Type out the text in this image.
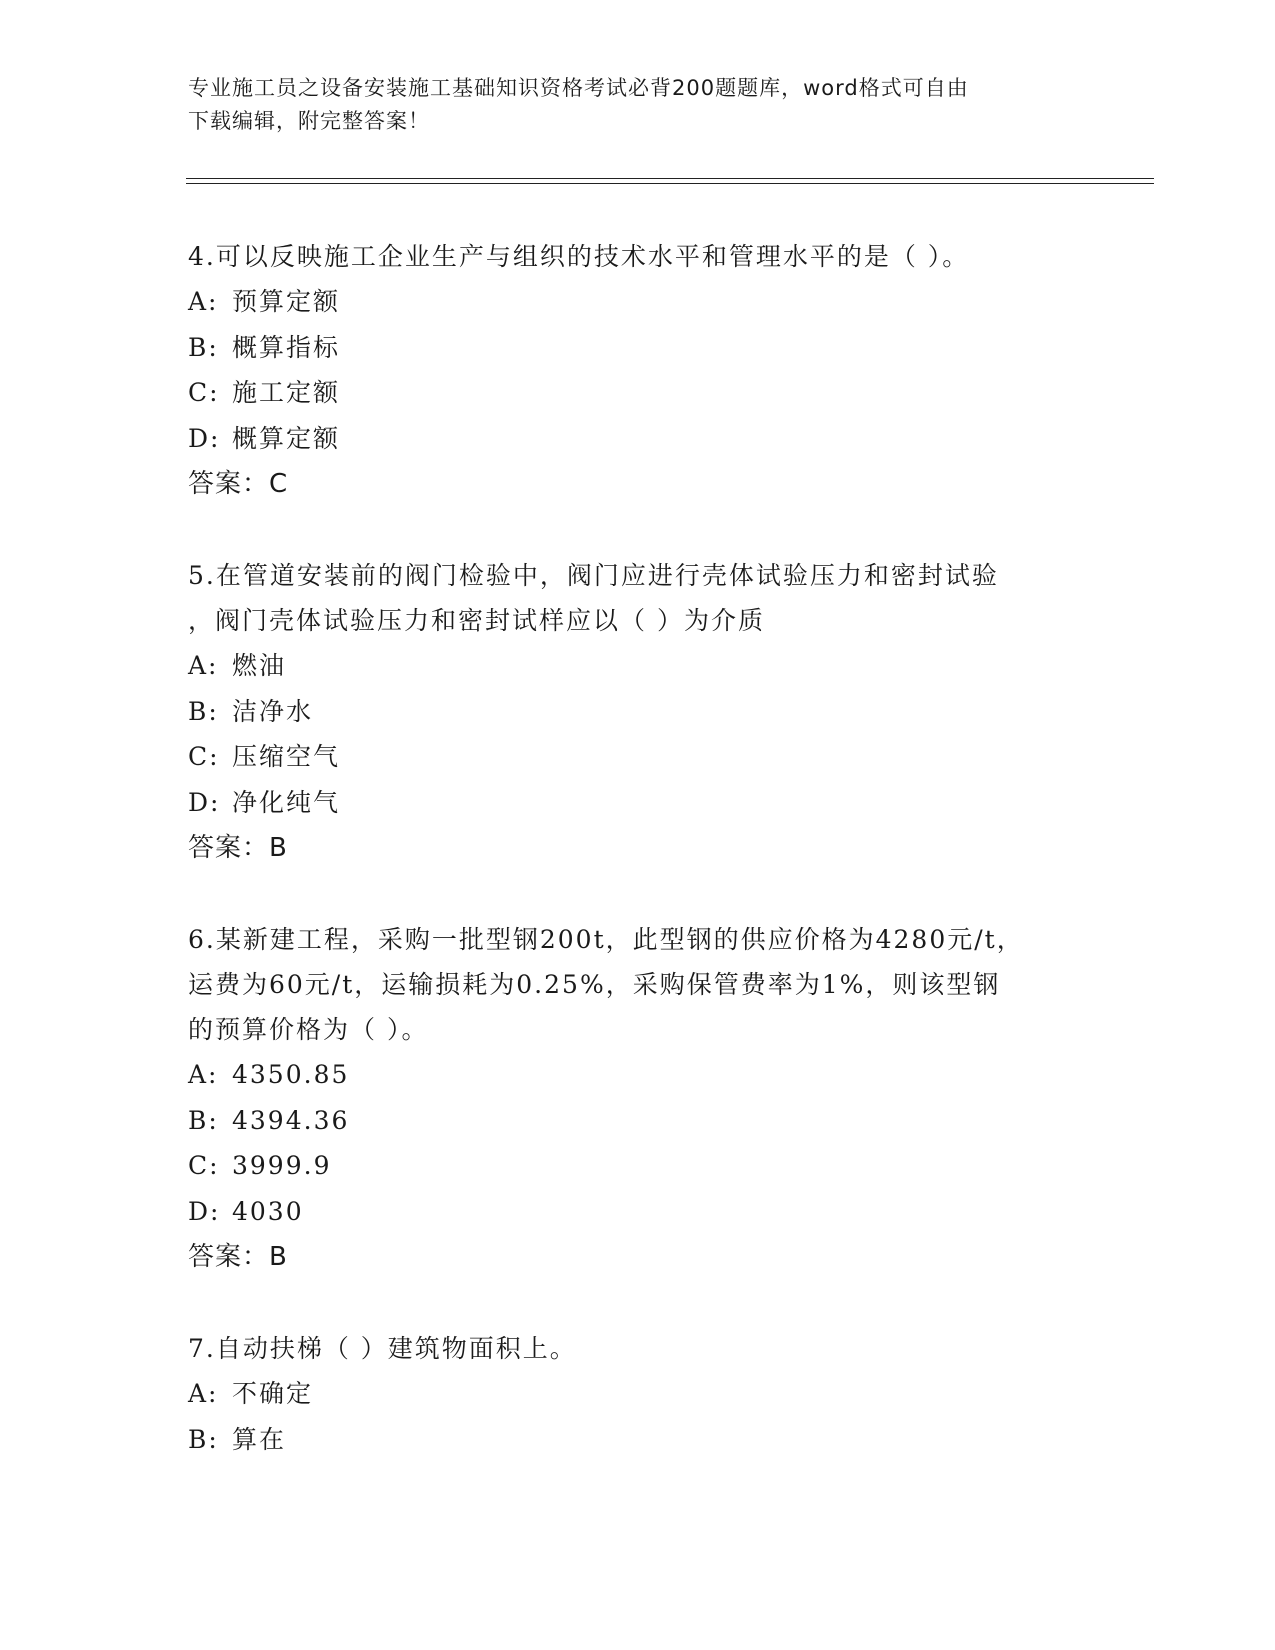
专业施工员之设备安装施工基础知识资格考试必背200题题库，word格式可自由
下载编辑，附完整答案！

4.可以反映施工企业生产与组织的技术水平和管理水平的是（ ）。

A: 预算定额
B: 概算指标
C: 施工定额
D: 概算定额
答案：C

5.在管道安装前的阀门检验中，阀门应进行壳体试验压力和密封试验

，阀门壳体试验压力和密封试样应以（ ）为介质

A: 燃油
B: 洁净水
C: 压缩空气
D: 净化纯气
答案：B

6.某新建工程，采购一批型钢200t，此型钢的供应价格为4280元/t，

运费为60元/t，运输损耗为0.25%，采购保管费率为1%，则该型钢

的预算价格为（ ）。

A: 4350.85
B: 4394.36
C: 3999.9
D: 4030
答案：B

7.自动扶梯（ ）建筑物面积上。

A: 不确定
B: 算在
